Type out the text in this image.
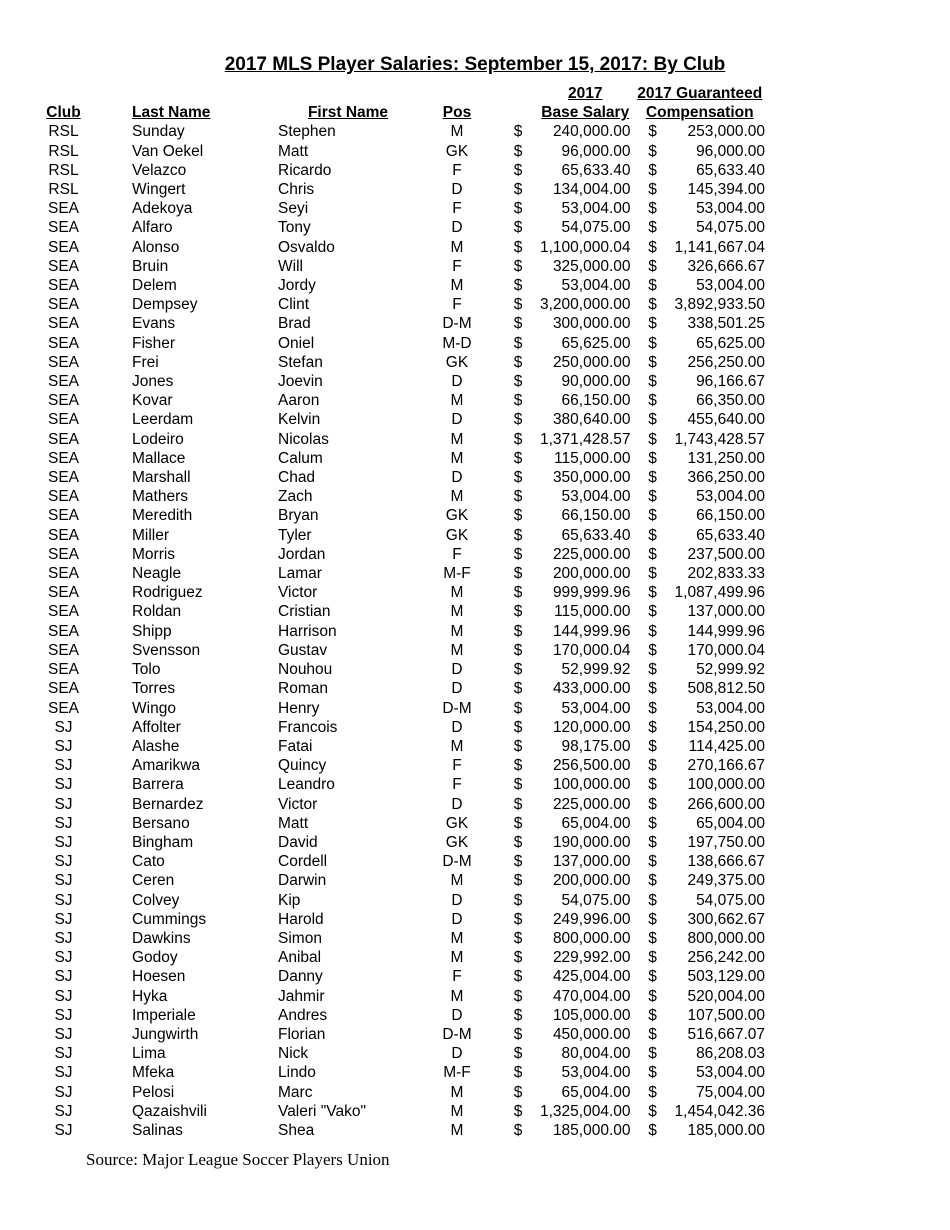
2017 MLS Player Salaries: September 15, 2017: By Club
					2017		2017 Guaranteed
Club	Last Name	First Name	Pos		Base Salary		Compensation
RSL	Sunday	Stephen	M	$	240,000.00	$	253,000.00
RSL	Van Oekel	Matt	GK	$	96,000.00	$	96,000.00
RSL	Velazco	Ricardo	F	$	65,633.40	$	65,633.40
RSL	Wingert	Chris	D	$	134,004.00	$	145,394.00
SEA	Adekoya	Seyi	F	$	53,004.00	$	53,004.00
SEA	Alfaro	Tony	D	$	54,075.00	$	54,075.00
SEA	Alonso	Osvaldo	M	$	1,100,000.04	$	1,141,667.04
SEA	Bruin	Will	F	$	325,000.00	$	326,666.67
SEA	Delem	Jordy	M	$	53,004.00	$	53,004.00
SEA	Dempsey	Clint	F	$	3,200,000.00	$	3,892,933.50
SEA	Evans	Brad	D-M	$	300,000.00	$	338,501.25
SEA	Fisher	Oniel	M-D	$	65,625.00	$	65,625.00
SEA	Frei	Stefan	GK	$	250,000.00	$	256,250.00
SEA	Jones	Joevin	D	$	90,000.00	$	96,166.67
SEA	Kovar	Aaron	M	$	66,150.00	$	66,350.00
SEA	Leerdam	Kelvin	D	$	380,640.00	$	455,640.00
SEA	Lodeiro	Nicolas	M	$	1,371,428.57	$	1,743,428.57
SEA	Mallace	Calum	M	$	115,000.00	$	131,250.00
SEA	Marshall	Chad	D	$	350,000.00	$	366,250.00
SEA	Mathers	Zach	M	$	53,004.00	$	53,004.00
SEA	Meredith	Bryan	GK	$	66,150.00	$	66,150.00
SEA	Miller	Tyler	GK	$	65,633.40	$	65,633.40
SEA	Morris	Jordan	F	$	225,000.00	$	237,500.00
SEA	Neagle	Lamar	M-F	$	200,000.00	$	202,833.33
SEA	Rodriguez	Victor	M	$	999,999.96	$	1,087,499.96
SEA	Roldan	Cristian	M	$	115,000.00	$	137,000.00
SEA	Shipp	Harrison	M	$	144,999.96	$	144,999.96
SEA	Svensson	Gustav	M	$	170,000.04	$	170,000.04
SEA	Tolo	Nouhou	D	$	52,999.92	$	52,999.92
SEA	Torres	Roman	D	$	433,000.00	$	508,812.50
SEA	Wingo	Henry	D-M	$	53,004.00	$	53,004.00
SJ	Affolter	Francois	D	$	120,000.00	$	154,250.00
SJ	Alashe	Fatai	M	$	98,175.00	$	114,425.00
SJ	Amarikwa	Quincy	F	$	256,500.00	$	270,166.67
SJ	Barrera	Leandro	F	$	100,000.00	$	100,000.00
SJ	Bernardez	Victor	D	$	225,000.00	$	266,600.00
SJ	Bersano	Matt	GK	$	65,004.00	$	65,004.00
SJ	Bingham	David	GK	$	190,000.00	$	197,750.00
SJ	Cato	Cordell	D-M	$	137,000.00	$	138,666.67
SJ	Ceren	Darwin	M	$	200,000.00	$	249,375.00
SJ	Colvey	Kip	D	$	54,075.00	$	54,075.00
SJ	Cummings	Harold	D	$	249,996.00	$	300,662.67
SJ	Dawkins	Simon	M	$	800,000.00	$	800,000.00
SJ	Godoy	Anibal	M	$	229,992.00	$	256,242.00
SJ	Hoesen	Danny	F	$	425,004.00	$	503,129.00
SJ	Hyka	Jahmir	M	$	470,004.00	$	520,004.00
SJ	Imperiale	Andres	D	$	105,000.00	$	107,500.00
SJ	Jungwirth	Florian	D-M	$	450,000.00	$	516,667.07
SJ	Lima	Nick	D	$	80,004.00	$	86,208.03
SJ	Mfeka	Lindo	M-F	$	53,004.00	$	53,004.00
SJ	Pelosi	Marc	M	$	65,004.00	$	75,004.00
SJ	Qazaishvili	Valeri "Vako"	M	$	1,325,004.00	$	1,454,042.36
SJ	Salinas	Shea	M	$	185,000.00	$	185,000.00
Source: Major League Soccer Players Union
